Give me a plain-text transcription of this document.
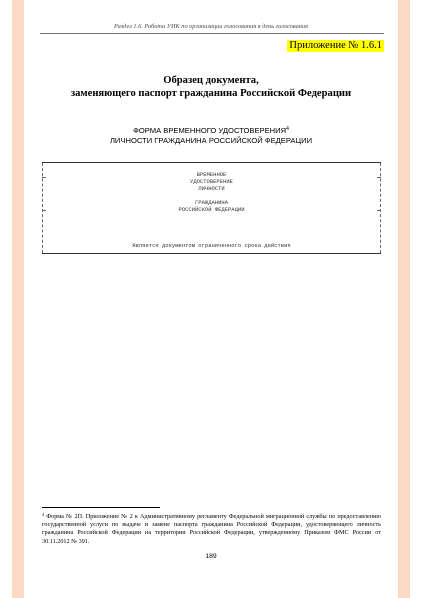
Раздел 1.6. Работа УИК по организации голосования в день голосования
Приложение № 1.6.1
Образец документа,
заменяющего паспорт гражданина Российской Федерации
ФОРМА ВРЕМЕННОГО УДОСТОВЕРЕНИЯ$^4$
ЛИЧНОСТИ ГРАЖДАНИНА РОССИЙСКОЙ ФЕДЕРАЦИИ
ВРЕМЕННОЕ
УДОСТОВЕРЕНИЕ
ЛИЧНОСТИ
ГРАЖДАНИНА
РОССИЙСКОЙ ФЕДЕРАЦИИ
Является документом ограниченного срока действия
$^4$ Форма № 2П. Приложение № 2 к Административному регламенту Федеральной миграционной службы по предоставлению государственной услуги по выдаче и замене паспорта гражданина Российской Федерации, удостоверяющего личность гражданина Российской Федерации на территории Российской Федерации, утвержденному Приказом ФМС России от 30.11.2012 № 391.
189
